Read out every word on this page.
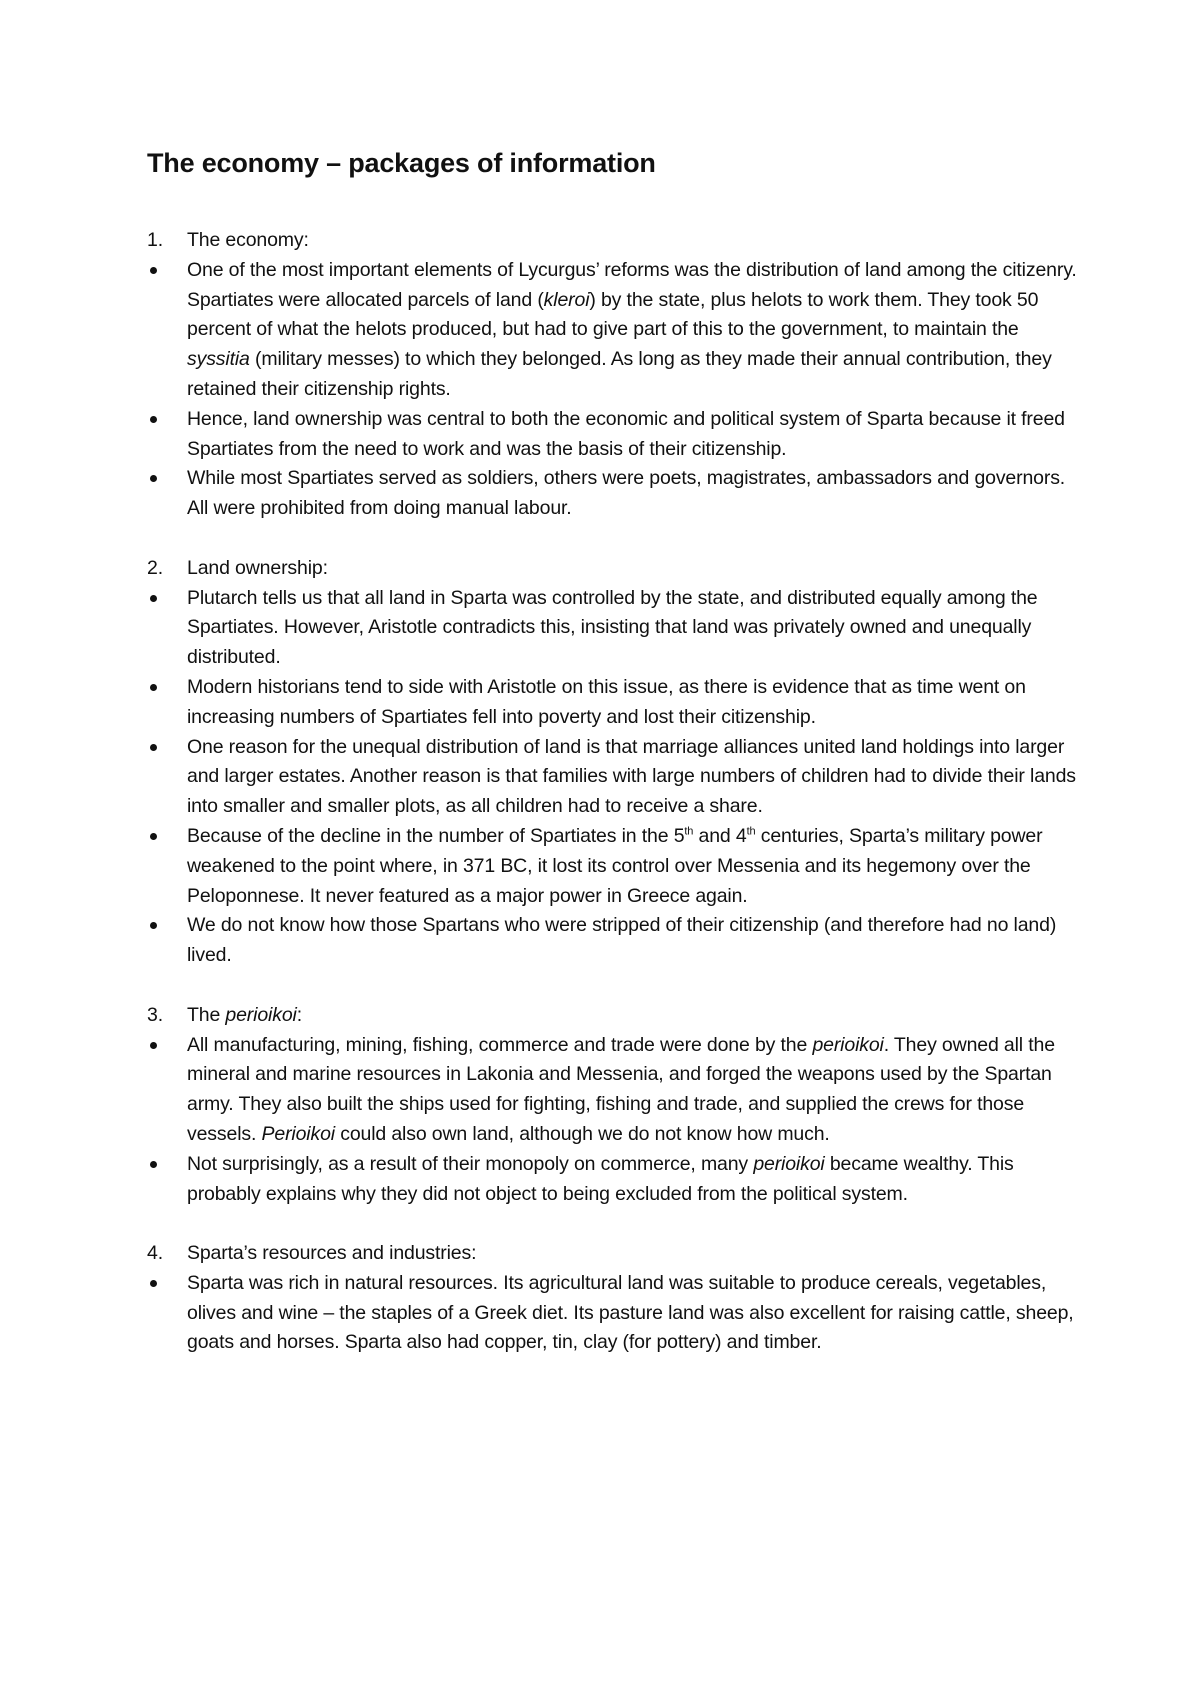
The economy – packages of information
1.	The economy:
One of the most important elements of Lycurgus’ reforms was the distribution of land among the citizenry. Spartiates were allocated parcels of land (kleroi) by the state, plus helots to work them. They took 50 percent of what the helots produced, but had to give part of this to the government, to maintain the syssitia (military messes) to which they belonged. As long as they made their annual contribution, they retained their citizenship rights.
Hence, land ownership was central to both the economic and political system of Sparta because it freed Spartiates from the need to work and was the basis of their citizenship.
While most Spartiates served as soldiers, others were poets, magistrates, ambassadors and governors. All were prohibited from doing manual labour.
2.	Land ownership:
Plutarch tells us that all land in Sparta was controlled by the state, and distributed equally among the Spartiates. However, Aristotle contradicts this, insisting that land was privately owned and unequally distributed.
Modern historians tend to side with Aristotle on this issue, as there is evidence that as time went on increasing numbers of Spartiates fell into poverty and lost their citizenship.
One reason for the unequal distribution of land is that marriage alliances united land holdings into larger and larger estates. Another reason is that families with large numbers of children had to divide their lands into smaller and smaller plots, as all children had to receive a share.
Because of the decline in the number of Spartiates in the 5th and 4th centuries, Sparta’s military power weakened to the point where, in 371 BC, it lost its control over Messenia and its hegemony over the Peloponnese. It never featured as a major power in Greece again.
We do not know how those Spartans who were stripped of their citizenship (and therefore had no land) lived.
3.	The perioikoi:
All manufacturing, mining, fishing, commerce and trade were done by the perioikoi. They owned all the mineral and marine resources in Lakonia and Messenia, and forged the weapons used by the Spartan army. They also built the ships used for fighting, fishing and trade, and supplied the crews for those vessels. Perioikoi could also own land, although we do not know how much.
Not surprisingly, as a result of their monopoly on commerce, many perioikoi became wealthy. This probably explains why they did not object to being excluded from the political system.
4.	Sparta’s resources and industries:
Sparta was rich in natural resources. Its agricultural land was suitable to produce cereals, vegetables, olives and wine – the staples of a Greek diet. Its pasture land was also excellent for raising cattle, sheep, goats and horses. Sparta also had copper, tin, clay (for pottery) and timber.
